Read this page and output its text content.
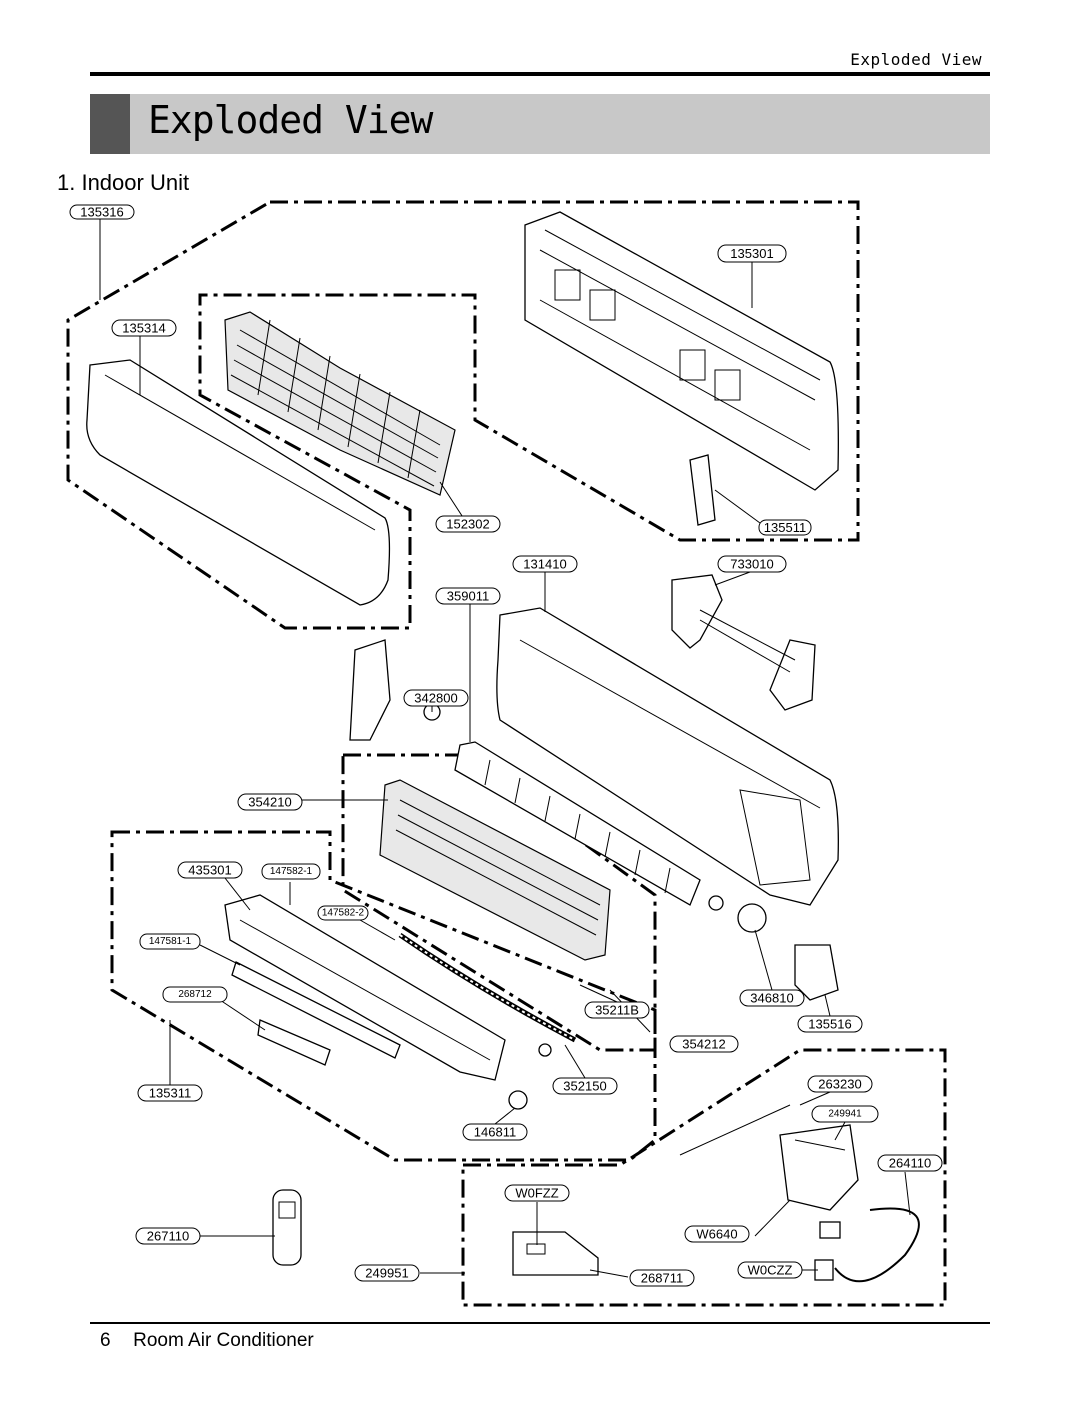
Exploded View
Exploded View
1. Indoor Unit
135316
135301
135314
152302	135511
131410	733010
359011
342800
354210
435301	147582-1
147582-2
147581-1
268712
35211B
354212
346810
135516
135311	352150
146811
263230
249941
264110
W0FZZ
267110	W6640
249951	268711
W0CZZ
6 Room Air Conditioner
